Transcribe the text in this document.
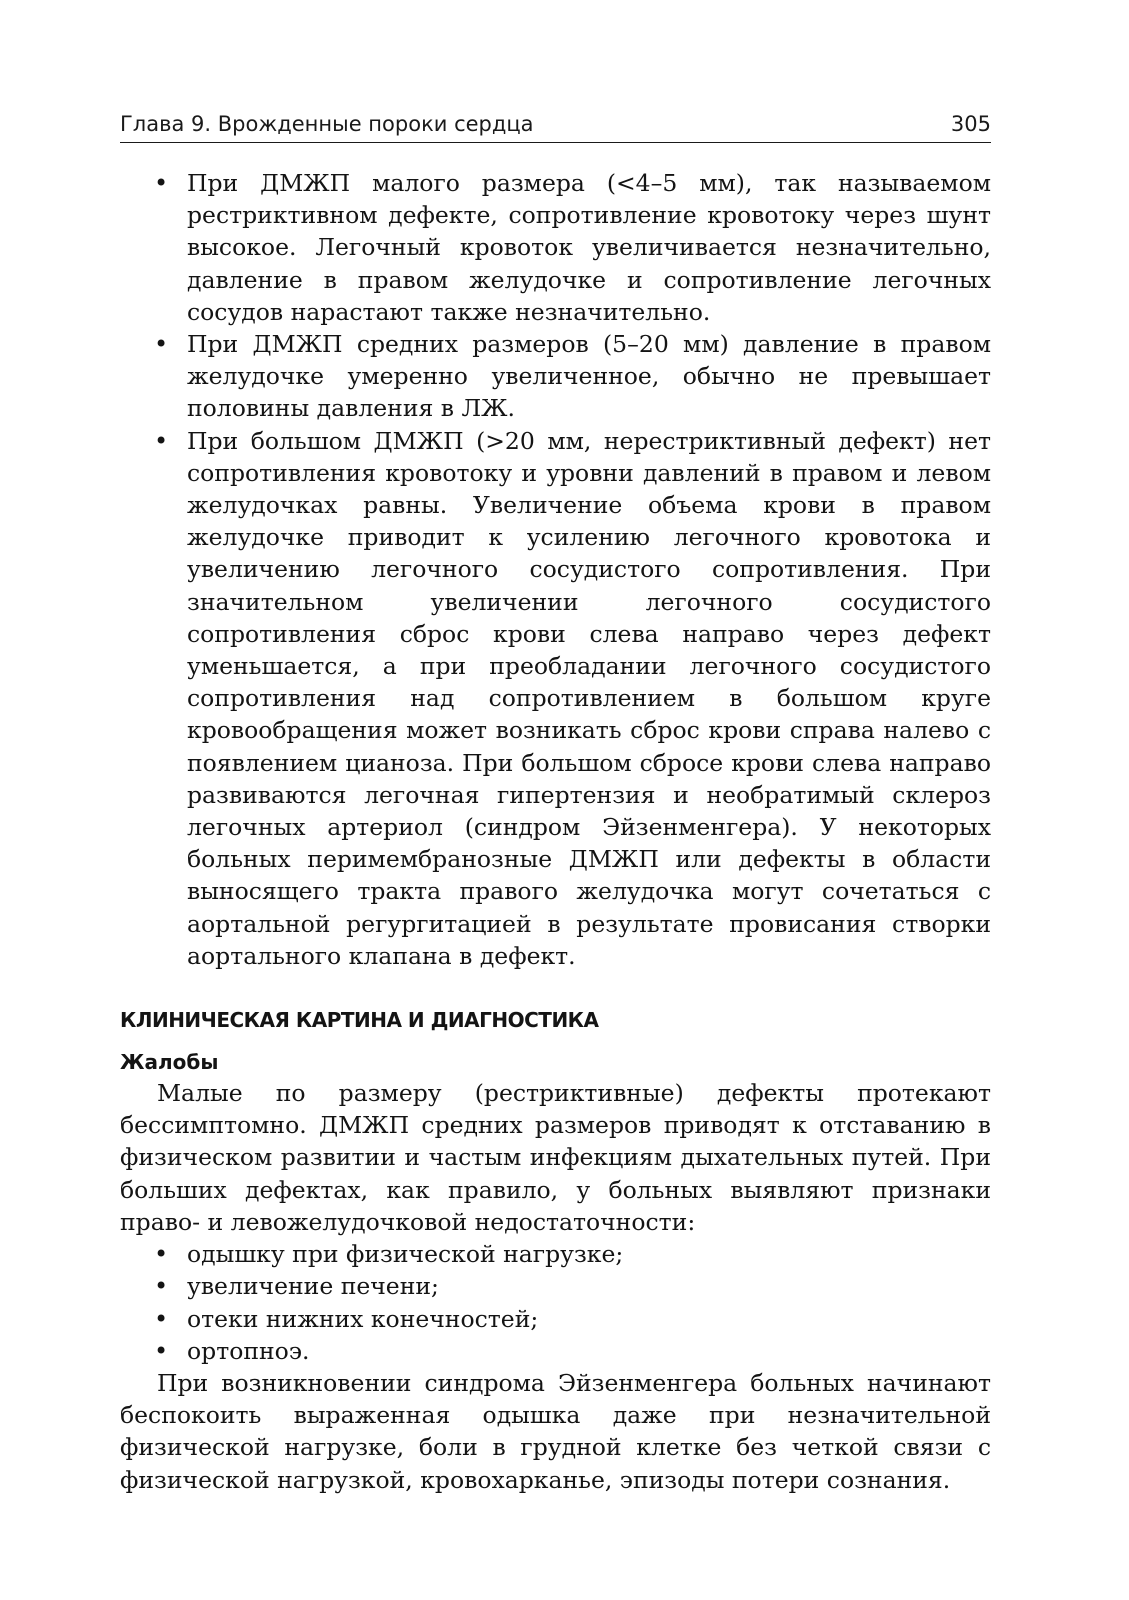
Глава 9. Врожденные пороки сердца	305
• При ДМЖП малого размера (<4–5 мм), так называемом рестриктивном дефекте, сопротивление кровотоку через шунт высокое. Легочный кровоток увеличивается незначительно, давление в правом желудочке и сопротивление легочных сосудов нарастают также незначительно.
• При ДМЖП средних размеров (5–20 мм) давление в правом желудочке умеренно увеличенное, обычно не превышает половины давления в ЛЖ.
• При большом ДМЖП (>20 мм, нерестриктивный дефект) нет сопротивления кровотоку и уровни давлений в правом и левом желудочках равны. Увеличение объема крови в правом желудочке приводит к усилению легочного кровотока и увеличению легочного сосудистого сопротивления. При значительном увеличении легочного сосудистого сопротивления сброс крови слева направо через дефект уменьшается, а при преобладании легочного сосудистого сопротивления над сопротивлением в большом круге кровообращения может возникать сброс крови справа налево с появлением цианоза. При большом сбросе крови слева направо развиваются легочная гипертензия и необратимый склероз легочных артериол (синдром Эйзенменгера). У некоторых больных перимембранозные ДМЖП или дефекты в области выносящего тракта правого желудочка могут сочетаться с аортальной регургитацией в результате провисания створки аортального клапана в дефект.
КЛИНИЧЕСКАЯ КАРТИНА И ДИАГНОСТИКА
Жалобы

Малые по размеру (рестриктивные) дефекты протекают бессимптомно. ДМЖП средних размеров приводят к отставанию в физическом развитии и частым инфекциям дыхательных путей. При больших дефектах, как правило, у больных выявляют признаки право- и левожелудочковой недостаточности:

• одышку при физической нагрузке;
• увеличение печени;
• отеки нижних конечностей;
• ортопноэ.

При возникновении синдрома Эйзенменгера больных начинают беспокоить выраженная одышка даже при незначительной физической нагрузке, боли в грудной клетке без четкой связи с физической нагрузкой, кровохарканье, эпизоды потери сознания.
